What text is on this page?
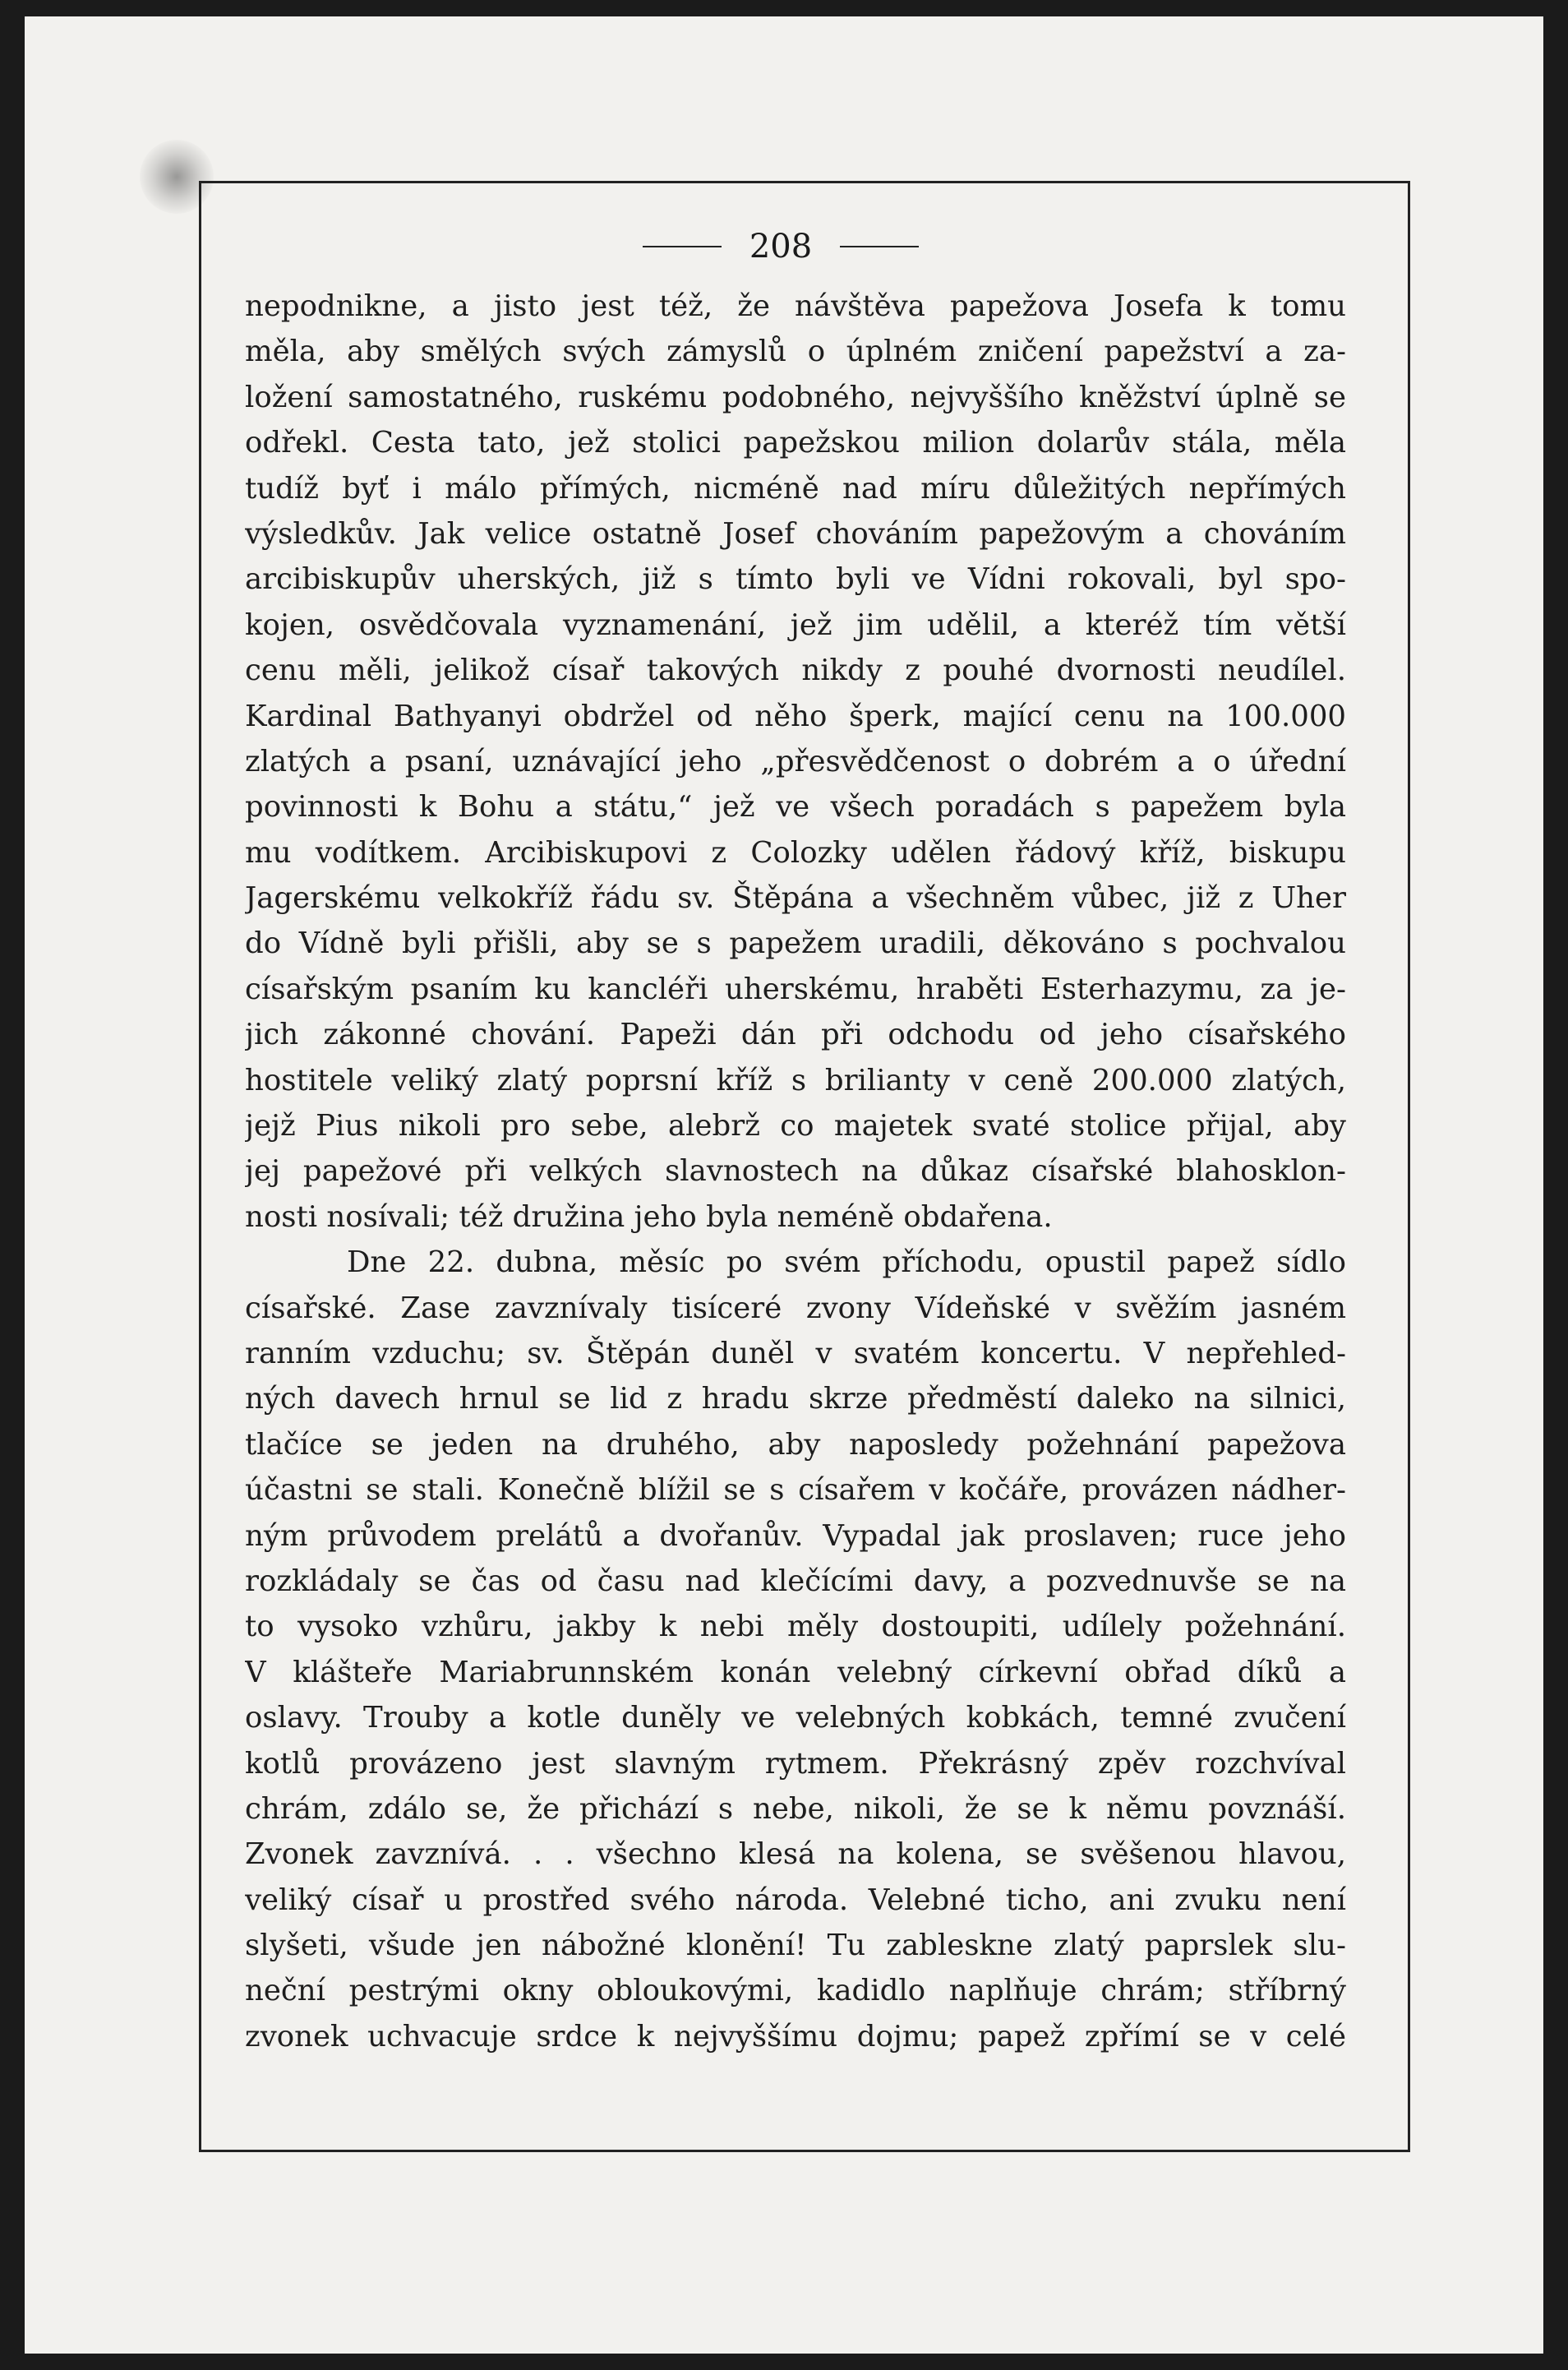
208
nepodnikne, a jisto jest též, že návštěva papežova Josefa k tomu
měla, aby smělých svých zámyslů o úplném zničení papežství a za-
ložení samostatného, ruskému podobného, nejvyššího kněžství úplně se
odřekl. Cesta tato, jež stolici papežskou milion dolarův stála, měla
tudíž byť i málo přímých, nicméně nad míru důležitých nepřímých
výsledkův. Jak velice ostatně Josef chováním papežovým a chováním
arcibiskupův uherských, již s tímto byli ve Vídni rokovali, byl spo-
kojen, osvědčovala vyznamenání, jež jim udělil, a kteréž tím větší
cenu měli, jelikož císař takových nikdy z pouhé dvornosti neudílel.
Kardinal Bathyanyi obdržel od něho šperk, mající cenu na 100.000
zlatých a psaní, uznávající jeho „přesvědčenost o dobrém a o úřední
povinnosti k Bohu a státu,“ jež ve všech poradách s papežem byla
mu vodítkem. Arcibiskupovi z Colozky udělen řádový kříž, biskupu
Jagerskému velkokříž řádu sv. Štěpána a všechněm vůbec, již z Uher
do Vídně byli přišli, aby se s papežem uradili, děkováno s pochvalou
císařským psaním ku kancléři uherskému, hraběti Esterhazymu, za je-
jich zákonné chování. Papeži dán při odchodu od jeho císařského
hostitele veliký zlatý poprsní kříž s brilianty v ceně 200.000 zlatých,
jejž Pius nikoli pro sebe, alebrž co majetek svaté stolice přijal, aby
jej papežové při velkých slavnostech na důkaz císařské blahosklon-
nosti nosívali; též družina jeho byla neméně obdařena.
Dne 22. dubna, měsíc po svém příchodu, opustil papež sídlo
císařské. Zase zavznívaly tisíceré zvony Vídeňské v svěžím jasném
ranním vzduchu; sv. Štěpán duněl v svatém koncertu. V nepřehled-
ných davech hrnul se lid z hradu skrze předměstí daleko na silnici,
tlačíce se jeden na druhého, aby naposledy požehnání papežova
účastni se stali. Konečně blížil se s císařem v kočáře, provázen nádher-
ným průvodem prelátů a dvořanův. Vypadal jak proslaven; ruce jeho
rozkládaly se čas od času nad klečícími davy, a pozvednuvše se na
to vysoko vzhůru, jakby k nebi měly dostoupiti, udílely požehnání.
V klášteře Mariabrunnském konán velebný církevní obřad díků a
oslavy. Trouby a kotle duněly ve velebných kobkách, temné zvučení
kotlů provázeno jest slavným rytmem. Překrásný zpěv rozchvíval
chrám, zdálo se, že přichází s nebe, nikoli, že se k němu povznáší.
Zvonek zavznívá. . . všechno klesá na kolena, se svěšenou hlavou,
veliký císař u prostřed svého národa. Velebné ticho, ani zvuku není
slyšeti, všude jen nábožné klonění! Tu zableskne zlatý paprslek slu-
neční pestrými okny obloukovými, kadidlo naplňuje chrám; stříbrný
zvonek uchvacuje srdce k nejvyššímu dojmu; papež zpřímí se v celé
